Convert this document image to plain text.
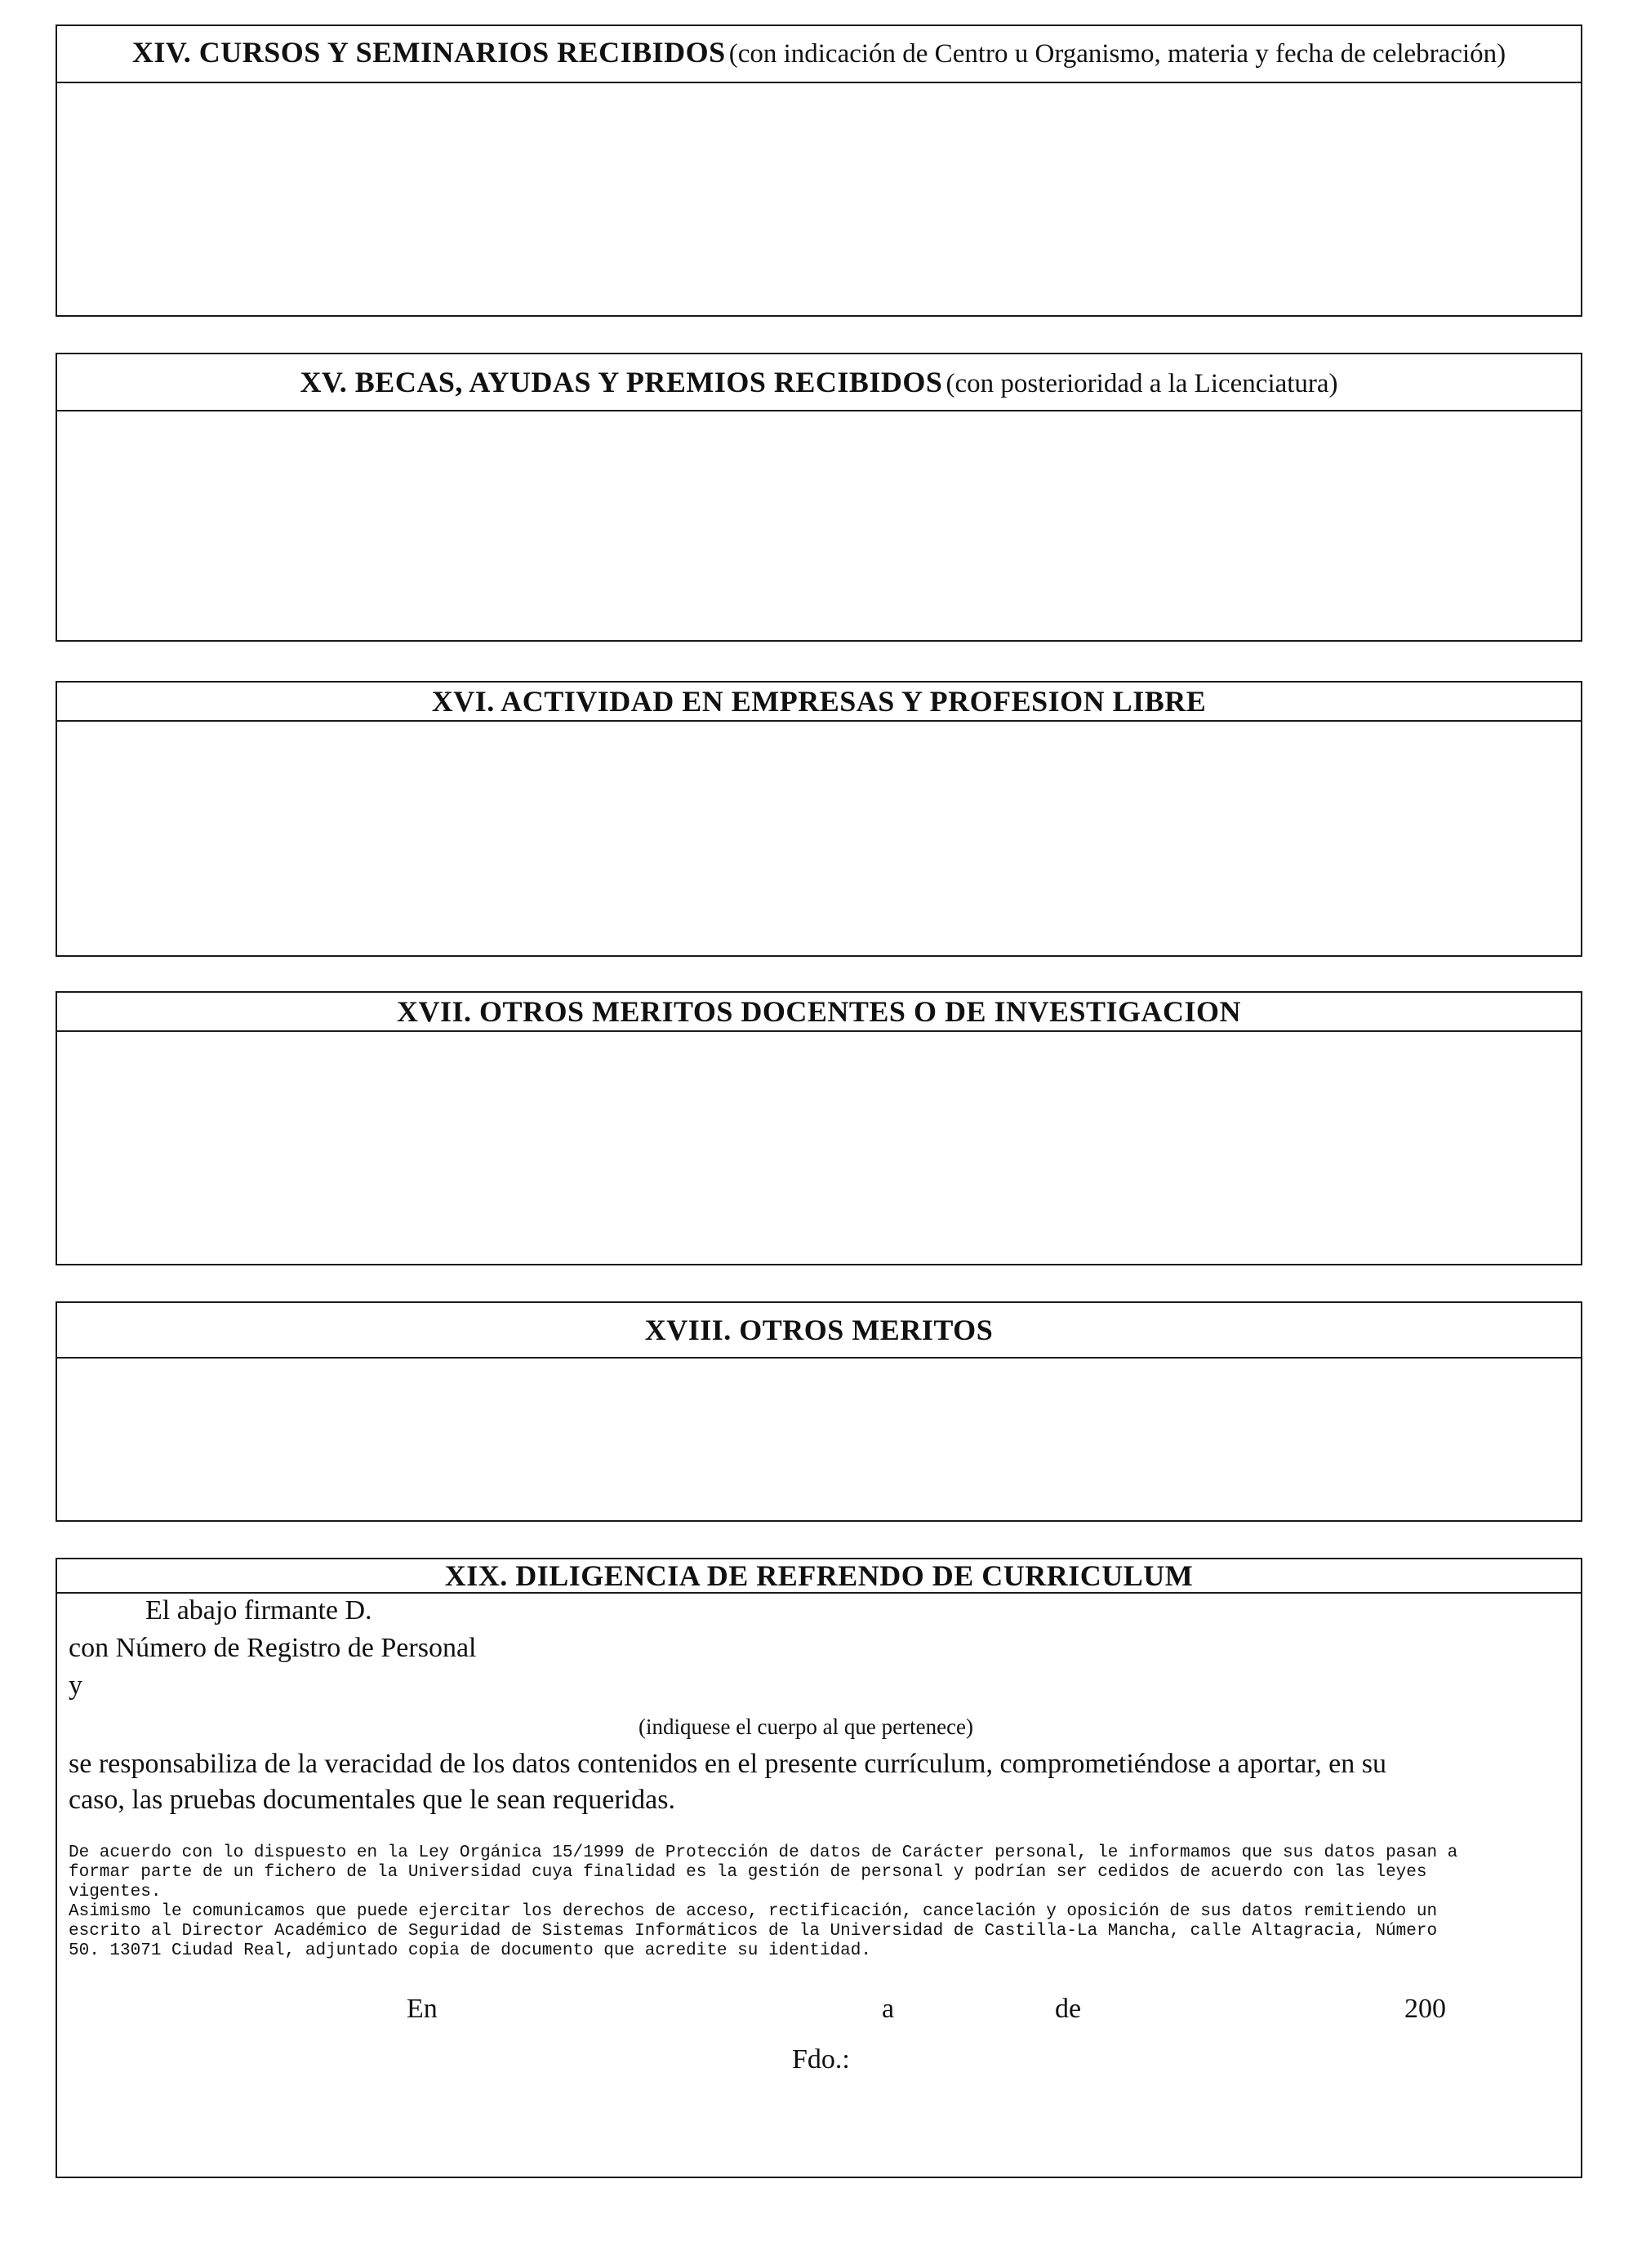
XIV. CURSOS Y SEMINARIOS RECIBIDOS (con indicación de Centro u Organismo, materia y fecha de celebración)
XV. BECAS, AYUDAS Y PREMIOS RECIBIDOS (con posterioridad a la Licenciatura)
XVI. ACTIVIDAD EN EMPRESAS Y PROFESION LIBRE
XVII. OTROS MERITOS DOCENTES O DE INVESTIGACION
XVIII. OTROS MERITOS
XIX. DILIGENCIA DE REFRENDO DE CURRICULUM
El abajo firmante D.
con Número de Registro de Personal
y
(indiquese el cuerpo al que pertenece)
se responsabiliza de la veracidad de los datos contenidos en el presente currículum, comprometiéndose a aportar, en su
caso, las pruebas documentales que le sean requeridas.
De acuerdo con lo dispuesto en la Ley Orgánica 15/1999 de Protección de datos de Carácter personal, le informamos que sus datos pasan a
formar parte de un fichero de la Universidad cuya finalidad es la gestión de personal y podrían ser cedidos de acuerdo con las leyes
vigentes.
Asimismo le comunicamos que puede ejercitar los derechos de acceso, rectificación, cancelación y oposición de sus datos remitiendo un
escrito al Director Académico de Seguridad de Sistemas Informáticos de la Universidad de Castilla-La Mancha, calle Altagracia, Número
50. 13071 Ciudad Real, adjuntado copia de documento que acredite su identidad.
En	a	de	200
Fdo.:
